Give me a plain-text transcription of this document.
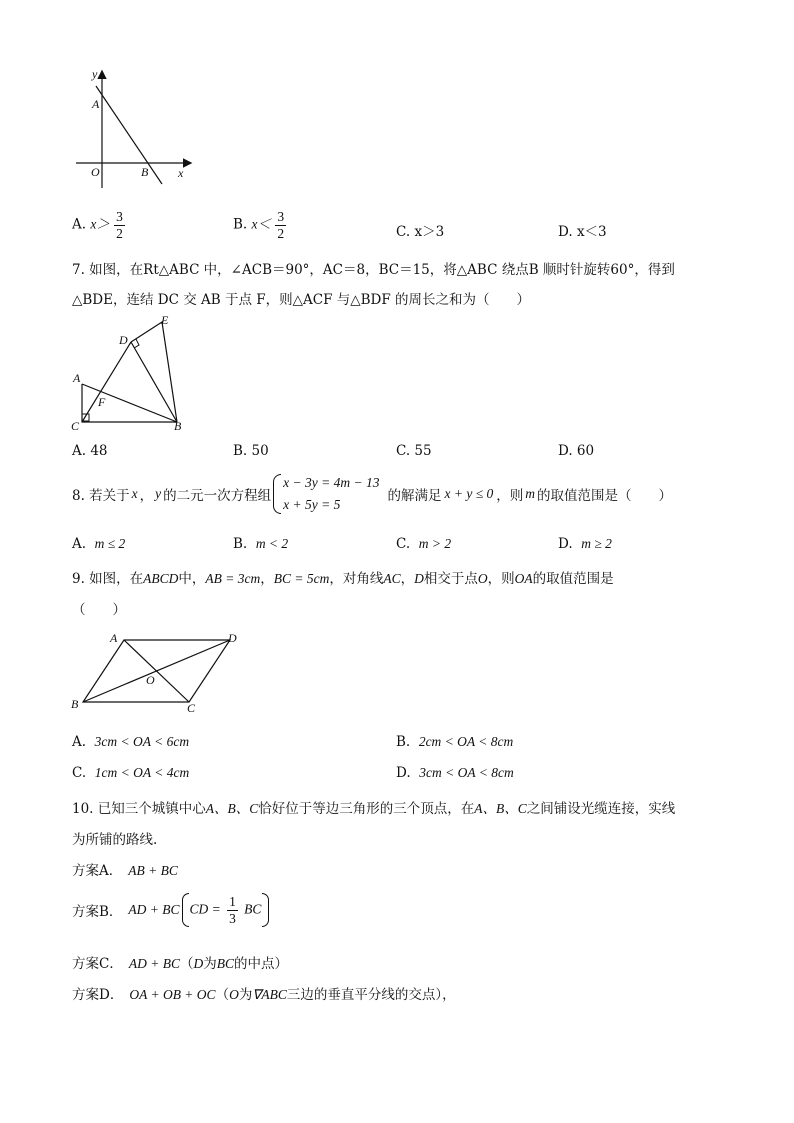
y
A
O	B x
A. $x> \frac{3}{2}$	B. $x< \frac{3}{2}$	C. x＞3	D. x＜3
7. 如图，在Rt△ABC 中，∠ACB＝90°，AC＝8，BC＝15，将△ABC 绕点B 顺时针旋转60°，得到
△BDE，连结 DC 交 AB 于点 F，则△ACF 与△BDF 的周长之和为（　　）
E
D
A
F
C	B
A. 48	B. 50	C. 55	D. 60
8. 若关于 x ， y 的二元一次方程组
x − 3y = 4m − 13
x + 5y = 5
的解满足 x + y ≤ 0 ，则 m 的取值范围是（　　）
A. m ≤ 2	B. m < 2	C. m > 2	D. m ≥ 2
9. 如图，在ABCD中，AB = 3cm，BC = 5cm，对角线AC，D相交于点O，则OA的取值范围是
（　　）
A	D
O
B	C
A. 3cm < OA < 6cm	B. 2cm < OA < 8cm
C. 1cm < OA < 4cm	D. 3cm < OA < 8cm
10. 已知三个城镇中心A、B、C恰好位于等边三角形的三个顶点，在A、B、C之间铺设光缆连接，实线
为所铺的路线.
方案A． AB + BC
方案B． AD + BC CD = $\frac{1}{3}$ BC
方案C． AD + BC（D为BC的中点）
方案D． OA + OB + OC（O为∇ABC三边的垂直平分线的交点），
